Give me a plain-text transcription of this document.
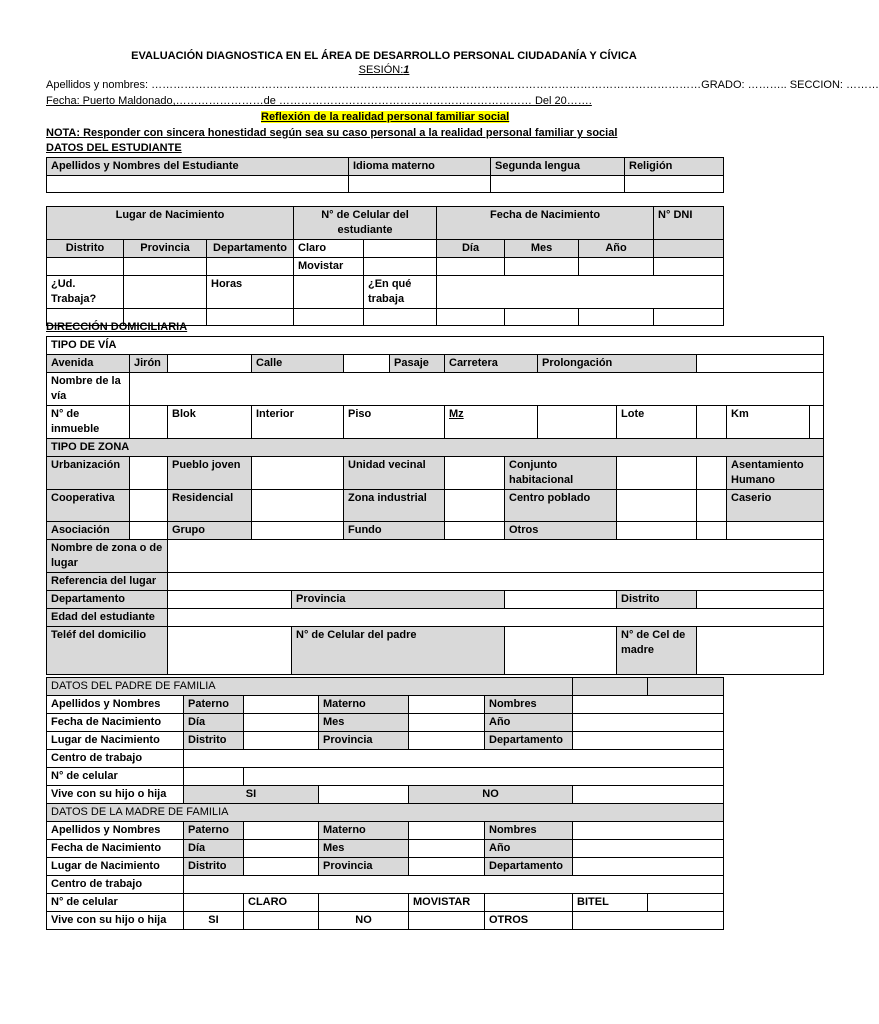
EVALUACIÓN DIAGNOSTICA EN EL ÁREA DE DESARROLLO PERSONAL CIUDADANÍA Y CÍVICA
SESIÓN:1
Apellidos y nombres: ……………………………………………………………………………………………………………………………………GRADO: ……….. SECCION: ………
Fecha: Puerto Maldonado,……………………de …………………………………………………………… Del 20…….
Reflexión de la realidad personal familiar social
NOTA: Responder con sincera honestidad según sea su caso personal a la realidad personal familiar y social
DATOS DEL ESTUDIANTE
Apellidos y Nombres del Estudiante	Idioma materno	Segunda lengua	Religión

Lugar de Nacimiento			N° de Celular del estudiante		Fecha de Nacimiento			N° DNI
Distrito	Provincia	Departamento	Claro		Día	Mes	Año	
			Movistar					
¿Ud. Trabaja?		Horas		¿En qué trabaja				

DIRECCIÓN DOMICILIARIA
TIPO DE VÍA													
Avenida	Jirón		Calle			Pasaje	Carretera		Prolongación				
Nombre de la vía													
N° de inmueble		Blok	Interior		Piso		Mz			Lote		Km	
TIPO DE ZONA													
Urbanización		Pueblo joven			Unidad vecinal			Conjunto habitacional				Asentamiento Humano	
Cooperativa		Residencial			Zona industrial			Centro poblado				Caserio	
Asociación		Grupo			Fundo			Otros					
Nombre de zona o de lugar													
Referencia del lugar													
Departamento				Provincia						Distrito			
Edad del estudiante													
Teléf del domicilio				N° de Celular del padre						N° de Cel de madre			
DATOS DEL PADRE DE FAMILIA							
Apellidos y Nombres	Paterno		Materno		Nombres		
Fecha de Nacimiento	Día		Mes		Año		
Lugar de Nacimiento	Distrito		Provincia		Departamento		
Centro de trabajo							
N° de celular							
Vive con su hijo o hija	SI			NO			
DATOS DE LA MADRE DE FAMILIA							
Apellidos y Nombres	Paterno		Materno		Nombres		
Fecha de Nacimiento	Día		Mes		Año		
Lugar de Nacimiento	Distrito		Provincia		Departamento		
Centro de trabajo							
N° de celular		CLARO		MOVISTAR		BITEL	
Vive con su hijo o hija	SI		NO		OTROS		
